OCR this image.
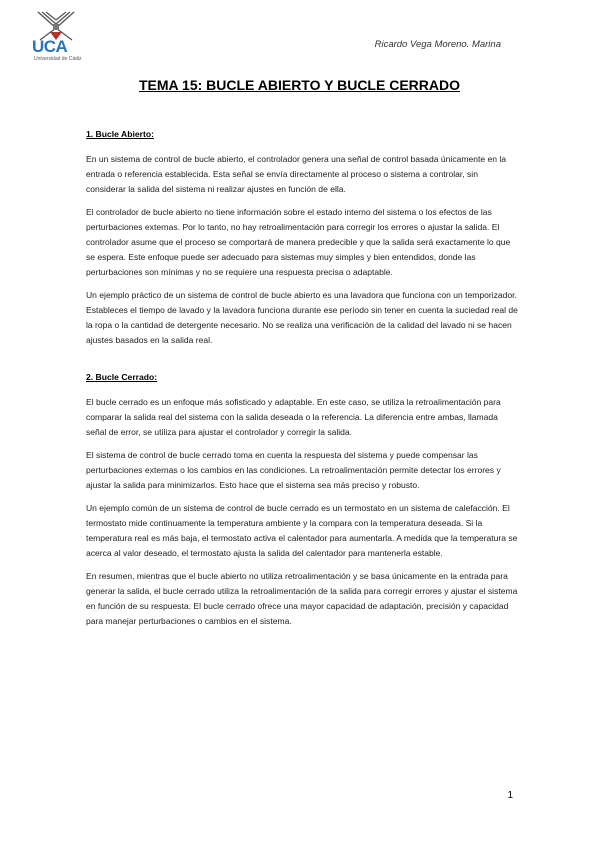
UCA
Universidad de Cádiz
Ricardo Vega Moreno. Marina
TEMA 15: BUCLE ABIERTO Y BUCLE CERRADO
1. Bucle Abierto:

En un sistema de control de bucle abierto, el controlador genera una señal de control basada únicamente en la entrada o referencia establecida. Esta señal se envía directamente al proceso o sistema a controlar, sin considerar la salida del sistema ni realizar ajustes en función de ella.

El controlador de bucle abierto no tiene información sobre el estado interno del sistema o los efectos de las perturbaciones externas. Por lo tanto, no hay retroalimentación para corregir los errores o ajustar la salida. El controlador asume que el proceso se comportará de manera predecible y que la salida será exactamente lo que se espera. Este enfoque puede ser adecuado para sistemas muy simples y bien entendidos, donde las perturbaciones son mínimas y no se requiere una respuesta precisa o adaptable.

Un ejemplo práctico de un sistema de control de bucle abierto es una lavadora que funciona con un temporizador. Estableces el tiempo de lavado y la lavadora funciona durante ese período sin tener en cuenta la suciedad real de la ropa o la cantidad de detergente necesario. No se realiza una verificación de la calidad del lavado ni se hacen ajustes basados en la salida real.

2. Bucle Cerrado:

El bucle cerrado es un enfoque más sofisticado y adaptable. En este caso, se utiliza la retroalimentación para comparar la salida real del sistema con la salida deseada o la referencia. La diferencia entre ambas, llamada señal de error, se utiliza para ajustar el controlador y corregir la salida.

El sistema de control de bucle cerrado toma en cuenta la respuesta del sistema y puede compensar las perturbaciones externas o los cambios en las condiciones. La retroalimentación permite detectar los errores y ajustar la salida para minimizarlos. Esto hace que el sistema sea más preciso y robusto.

Un ejemplo común de un sistema de control de bucle cerrado es un termostato en un sistema de calefacción. El termostato mide continuamente la temperatura ambiente y la compara con la temperatura deseada. Si la temperatura real es más baja, el termostato activa el calentador para aumentarla. A medida que la temperatura se acerca al valor deseado, el termostato ajusta la salida del calentador para mantenerla estable.

En resumen, mientras que el bucle abierto no utiliza retroalimentación y se basa únicamente en la entrada para generar la salida, el bucle cerrado utiliza la retroalimentación de la salida para corregir errores y ajustar el sistema en función de su respuesta. El bucle cerrado ofrece una mayor capacidad de adaptación, precisión y capacidad para manejar perturbaciones o cambios en el sistema.

1
